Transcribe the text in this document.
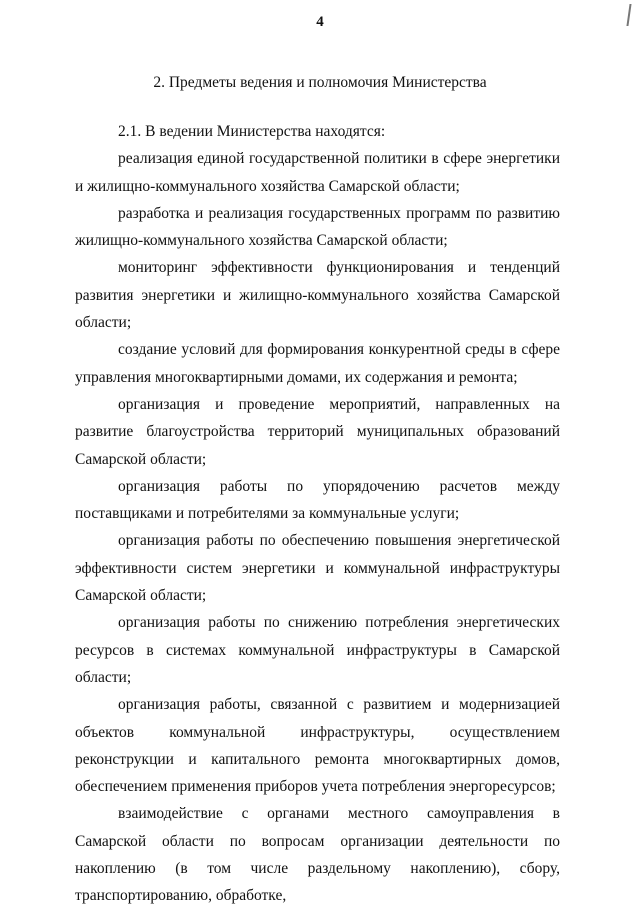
4
2. Предметы ведения и полномочия Министерства

2.1. В ведении Министерства находятся:

реализация единой государственной политики в сфере энергетики и жилищно-коммунального хозяйства Самарской области;

разработка и реализация государственных программ по развитию жилищно-коммунального хозяйства Самарской области;

мониторинг эффективности функционирования и тенденций развития энергетики и жилищно-коммунального хозяйства Самарской области;

создание условий для формирования конкурентной среды в сфере управления многоквартирными домами, их содержания и ремонта;

организация и проведение мероприятий, направленных на развитие благоустройства территорий муниципальных образований Самарской области;

организация работы по упорядочению расчетов между поставщиками и потребителями за коммунальные услуги;

организация работы по обеспечению повышения энергетической эффективности систем энергетики и коммунальной инфраструктуры Самарской области;

организация работы по снижению потребления энергетических ресурсов в системах коммунальной инфраструктуры в Самарской области;

организация работы, связанной с развитием и модернизацией объектов коммунальной инфраструктуры, осуществлением реконструкции и капитального ремонта многоквартирных домов, обеспечением применения приборов учета потребления энергоресурсов;

взаимодействие с органами местного самоуправления в Самарской области по вопросам организации деятельности по накоплению (в том числе раздельному накоплению), сбору, транспортированию, обработке,
